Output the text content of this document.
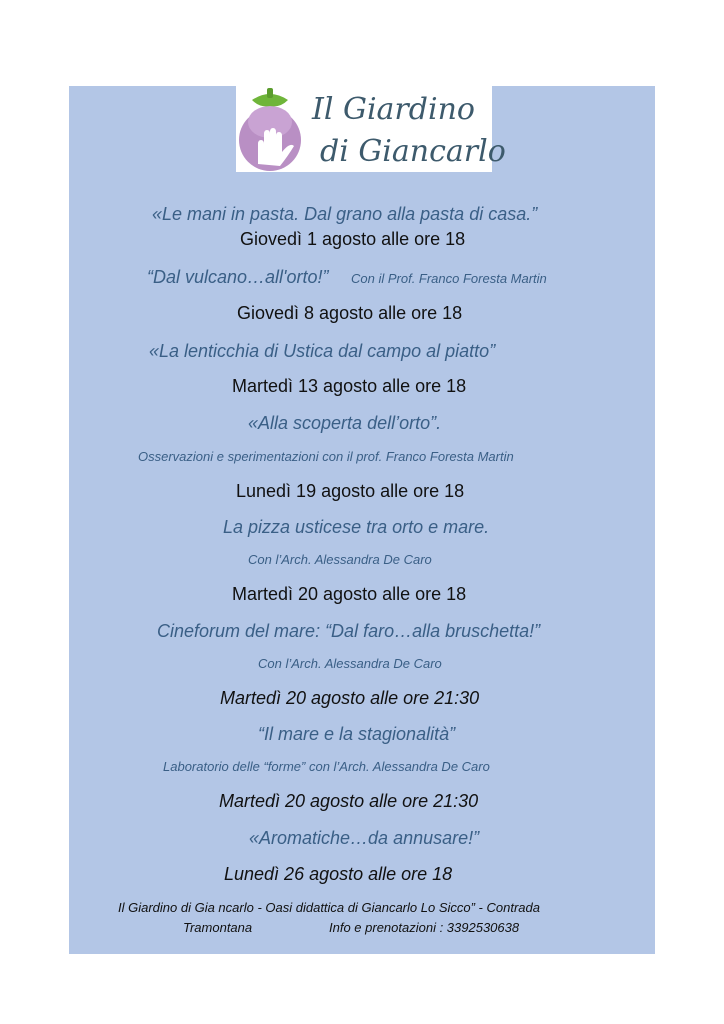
Il Giardino
di Giancarlo
«Le mani in pasta. Dal grano alla pasta di casa.”
Giovedì 1 agosto alle ore 18
“Dal vulcano…all'orto!” Con il Prof. Franco Foresta Martin
Giovedì 8 agosto alle ore 18
«La lenticchia di Ustica dal campo al piatto”
Martedì 13 agosto alle ore 18
«Alla scoperta dell’orto”.
Osservazioni e sperimentazioni con il prof. Franco Foresta Martin
Lunedì 19 agosto alle ore 18
La pizza usticese tra orto e mare.
Con l’Arch. Alessandra De Caro
Martedì 20 agosto alle ore 18
Cineforum del mare: “Dal faro…alla bruschetta!”
Con l’Arch. Alessandra De Caro
Martedì 20 agosto alle ore 21:30
“Il mare e la stagionalità”
Laboratorio delle “forme” con l’Arch. Alessandra De Caro
Martedì 20 agosto alle ore 21:30
«Aromatiche…da annusare!”
Lunedì 26 agosto alle ore 18
Il Giardino di Gia ncarlo - Oasi didattica di Giancarlo Lo Sicco” - Contrada
Tramontana	Info e prenotazioni : 3392530638
